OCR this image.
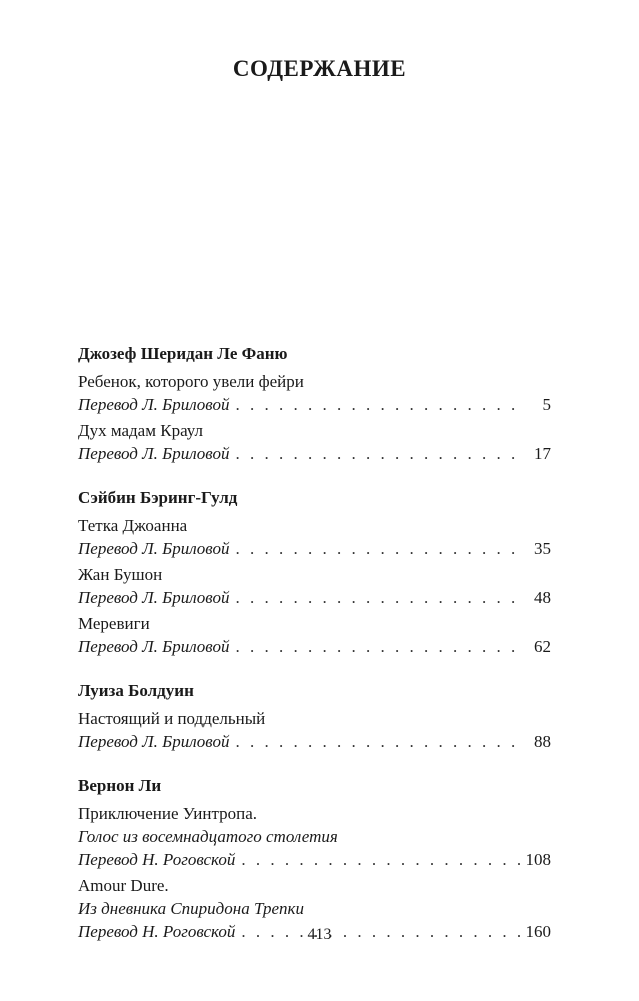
СОДЕРЖАНИЕ
Джозеф Шеридан Ле Фаню
Ребенок, которого увели фейри
Перевод Л. Бриловой . . .	5
Дух мадам Краул
Перевод Л. Бриловой . . .	17
Сэйбин Бэринг-Гулд
Тетка Джоанна
Перевод Л. Бриловой . . .	35
Жан Бушон
Перевод Л. Бриловой . . .	48
Меревиги
Перевод Л. Бриловой . . .	62
Луиза Болдуин
Настоящий и поддельный
Перевод Л. Бриловой . . .	88
Вернон Ли
Приключение Уинтропа.
Голос из восемнадцатого столетия
Перевод Н. Роговской . . .	108
Amour Dure.
Из дневника Спиридона Трепки
Перевод Н. Роговской . . .	160
413
